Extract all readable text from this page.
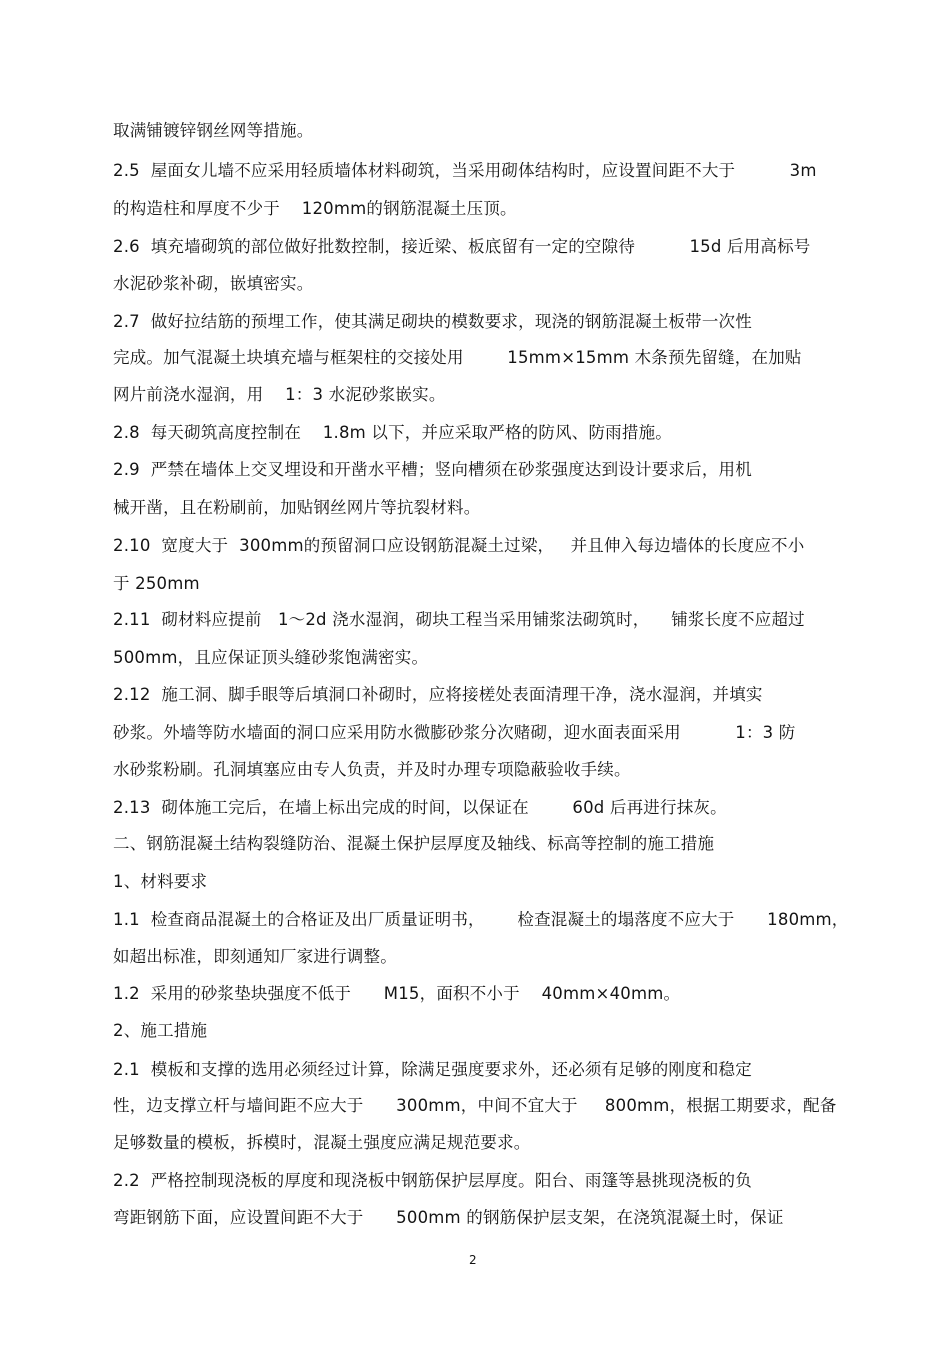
取满铺镀锌钢丝网等措施。
2.5  屋面女儿墙不应采用轻质墙体材料砌筑，当采用砌体结构时，应设置间距不大于          3m
的构造柱和厚度不少于    120mm的钢筋混凝土压顶。
2.6  填充墙砌筑的部位做好批数控制，接近梁、板底留有一定的空隙待          15d 后用高标号
水泥砂浆补砌，嵌填密实。
2.7  做好拉结筋的预埋工作，使其满足砌块的模数要求，现浇的钢筋混凝土板带一次性
完成。加气混凝土块填充墙与框架柱的交接处用        15mm×15mm 木条预先留缝，在加贴
网片前浇水湿润，用    1：3 水泥砂浆嵌实。
2.8  每天砌筑高度控制在    1.8m 以下，并应采取严格的防风、防雨措施。
2.9  严禁在墙体上交叉埋设和开凿水平槽；竖向槽须在砂浆强度达到设计要求后，用机
械开凿，且在粉刷前，加贴钢丝网片等抗裂材料。
2.10  宽度大于  300mm的预留洞口应设钢筋混凝土过梁，   并且伸入每边墙体的长度应不小
于 250mm
2.11  砌材料应提前   1～2d 浇水湿润，砌块工程当采用铺浆法砌筑时，    铺浆长度不应超过
500mm，且应保证顶头缝砂浆饱满密实。
2.12  施工洞、脚手眼等后填洞口补砌时，应将接槎处表面清理干净，浇水湿润，并填实
砂浆。外墙等防水墙面的洞口应采用防水微膨砂浆分次赌砌，迎水面表面采用          1：3 防
水砂浆粉刷。孔洞填塞应由专人负责，并及时办理专项隐蔽验收手续。
2.13  砌体施工完后，在墙上标出完成的时间，以保证在        60d 后再进行抹灰。
二、钢筋混凝土结构裂缝防治、混凝土保护层厚度及轴线、标高等控制的施工措施
1、材料要求
1.1  检查商品混凝土的合格证及出厂质量证明书，      检查混凝土的塌落度不应大于      180mm，
如超出标准，即刻通知厂家进行调整。
1.2  采用的砂浆垫块强度不低于      M15，面积不小于    40mm×40mm。
2、施工措施
2.1  模板和支撑的选用必须经过计算，除满足强度要求外，还必须有足够的刚度和稳定
性，边支撑立杆与墙间距不应大于      300mm，中间不宜大于     800mm，根据工期要求，配备
足够数量的模板，拆模时，混凝土强度应满足规范要求。
2.2  严格控制现浇板的厚度和现浇板中钢筋保护层厚度。阳台、雨篷等悬挑现浇板的负
弯距钢筋下面，应设置间距不大于      500mm 的钢筋保护层支架，在浇筑混凝土时，保证
2
